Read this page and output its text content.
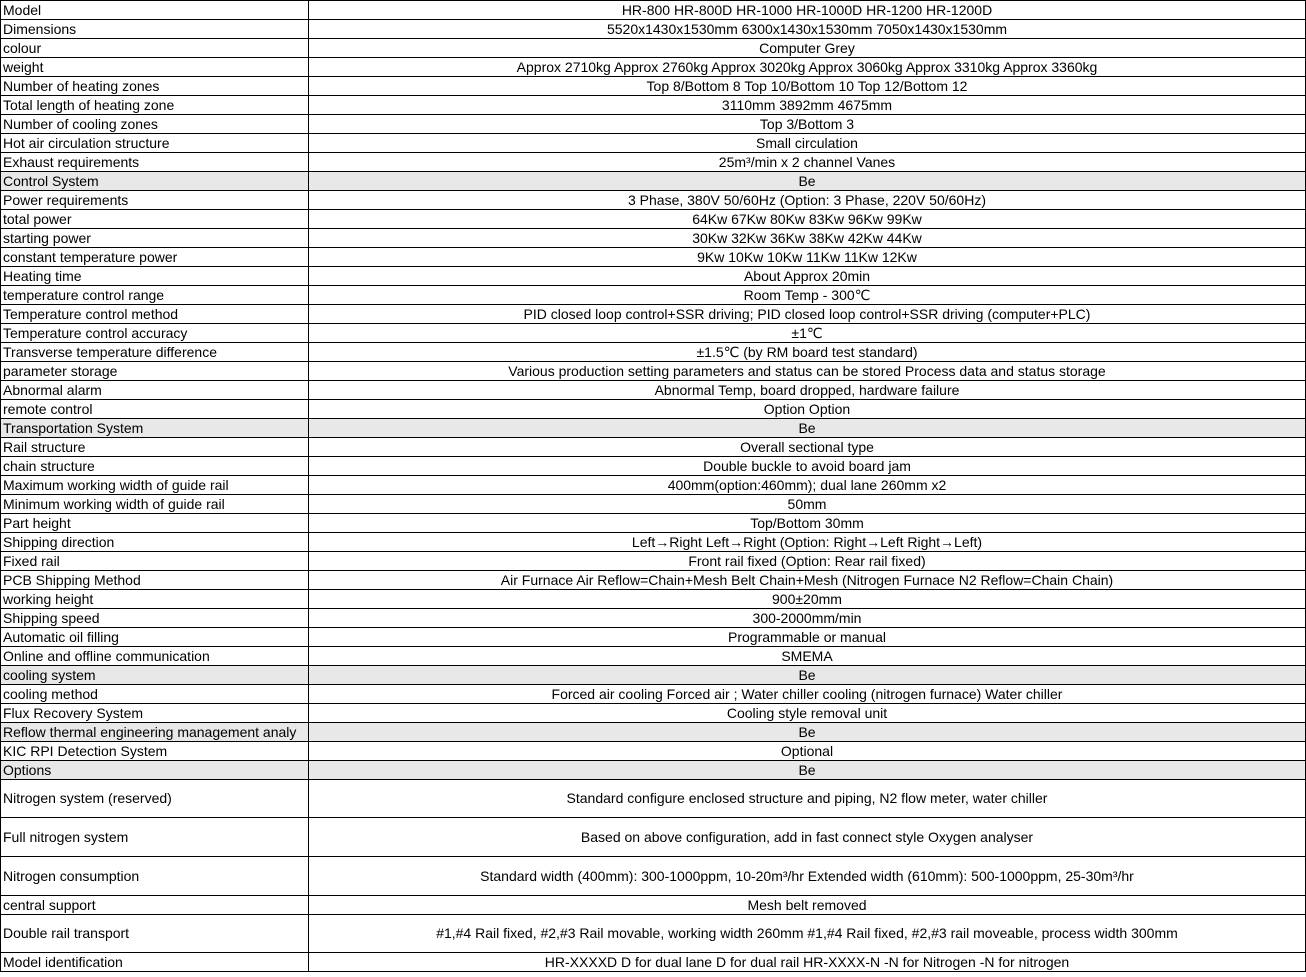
Model	HR-800 HR-800D HR-1000 HR-1000D HR-1200 HR-1200D
Dimensions	5520x1430x1530mm 6300x1430x1530mm 7050x1430x1530mm
colour	Computer Grey
weight	Approx 2710kg Approx 2760kg Approx 3020kg Approx 3060kg Approx 3310kg Approx 3360kg
Number of heating zones	Top 8/Bottom 8 Top 10/Bottom 10 Top 12/Bottom 12
Total length of heating zone	3110mm 3892mm 4675mm
Number of cooling zones	Top 3/Bottom 3
Hot air circulation structure	Small circulation
Exhaust requirements	25m³/min x 2 channel Vanes
Control System	Be
Power requirements	3 Phase, 380V 50/60Hz (Option: 3 Phase, 220V 50/60Hz)
total power	64Kw 67Kw 80Kw 83Kw 96Kw 99Kw
starting power	30Kw 32Kw 36Kw 38Kw 42Kw 44Kw
constant temperature power	9Kw 10Kw 10Kw 11Kw 11Kw 12Kw
Heating time	About Approx 20min
temperature control range	Room Temp - 300℃
Temperature control method	PID closed loop control+SSR driving; PID closed loop control+SSR driving (computer+PLC)
Temperature control accuracy	±1℃
Transverse temperature difference	±1.5℃ (by RM board test standard)
parameter storage	Various production setting parameters and status can be stored Process data and status storage
Abnormal alarm	Abnormal Temp, board dropped, hardware failure
remote control	Option Option
Transportation System	Be
Rail structure	Overall sectional type
chain structure	Double buckle to avoid board jam
Maximum working width of guide rail	400mm(option:460mm); dual lane 260mm x2
Minimum working width of guide rail	50mm
Part height	Top/Bottom 30mm
Shipping direction	Left→Right Left→Right (Option: Right→Left Right→Left)
Fixed rail	Front rail fixed (Option: Rear rail fixed)
PCB Shipping Method	Air Furnace Air Reflow=Chain+Mesh Belt Chain+Mesh (Nitrogen Furnace N2 Reflow=Chain Chain)
working height	900±20mm
Shipping speed	300-2000mm/min
Automatic oil filling	Programmable or manual
Online and offline communication	SMEMA
cooling system	Be
cooling method	Forced air cooling Forced air ; Water chiller cooling (nitrogen furnace) Water chiller
Flux Recovery System	Cooling style removal unit
Reflow thermal engineering management analy	Be
KIC RPI Detection System	Optional
Options	Be
Nitrogen system (reserved)	Standard configure enclosed structure and piping, N2 flow meter, water chiller
Full nitrogen system	Based on above configuration, add in fast connect style Oxygen analyser
Nitrogen consumption	Standard width (400mm): 300-1000ppm, 10-20m³/hr Extended width (610mm): 500-1000ppm, 25-30m³/hr
central support	Mesh belt removed
Double rail transport	#1,#4 Rail fixed, #2,#3 Rail movable, working width 260mm #1,#4 Rail fixed, #2,#3 rail moveable, process width 300mm
Model identification	HR-XXXXD D for dual lane D for dual rail HR-XXXX-N -N for Nitrogen -N for nitrogen
